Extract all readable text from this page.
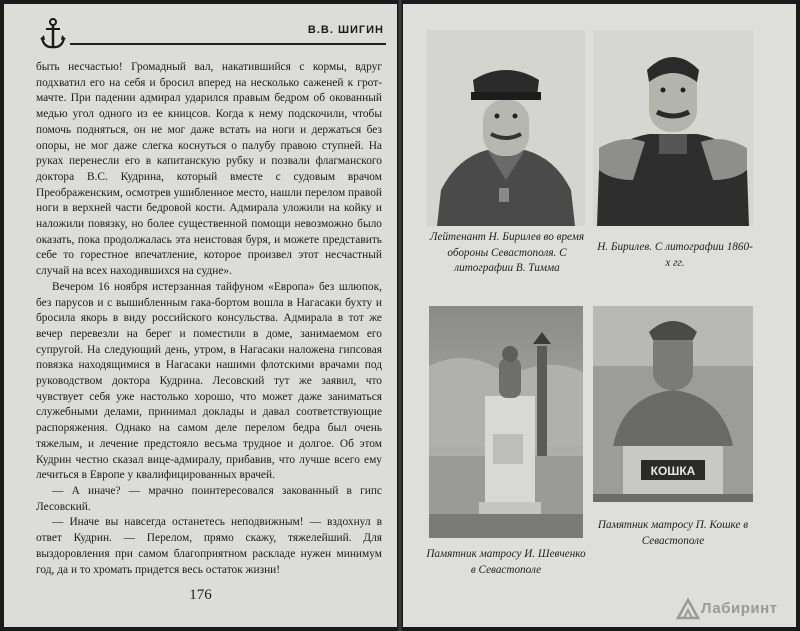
В.В. ШИГИН

быть несчастью! Громадный вал, накатившийся с кормы, вдруг подхватил его на себя и бросил вперед на несколько саженей к грот-мачте. При падении адмирал ударился правым бедром об окованный медью угол одного из ее кницсов. Когда к нему подскочили, чтобы помочь подняться, он не мог даже встать на ноги и держаться без опоры, не мог даже слегка коснуться о палубу правою ступней. На руках перенесли его в капитанскую рубку и позвали флагманского доктора В.С. Кудрина, который вместе с судовым врачом Преображенским, осмотрев ушибленное место, нашли перелом правой ноги в верхней части бедровой кости. Адмирала уложили на койку и наложили повязку, но более существенной помощи невозможно было оказать, пока продолжалась эта неистовая буря, и можете представить себе то горестное впечатление, которое произвел этот несчастный случай на всех находившихся на судне».

Вечером 16 ноября истерзанная тайфуном «Европа» без шлюпок, без парусов и с вышибленным гака-бортом вошла в Нагасаки бухту и бросила якорь в виду российского консульства. Адмирала в тот же вечер перевезли на берег и поместили в доме, занимаемом его супругой. На следующий день, утром, в Нагасаки наложена гипсовая повязка находящимися в Нагасаки нашими флотскими врачами под руководством доктора Кудрина. Лесовский тут же заявил, что чувствует себя уже настолько хорошо, что может даже заниматься служебными делами, принимал доклады и давал соответствующие распоряжения. Однако на самом деле перелом бедра был очень тяжелым, и лечение предстояло весьма трудное и долгое. Об этом Кудрин честно сказал вице-адмиралу, прибавив, что лучше всего ему лечиться в Европе у квалифицированных врачей.

— А иначе? — мрачно поинтересовался закованный в гипс Лесовский.

— Иначе вы навсегда останетесь неподвижным! — вздохнул в ответ Кудрин. — Перелом, прямо скажу, тяжелейший. Для выздоровления при самом благоприятном раскладе нужен минимум год, да и то хромать придется весь остаток жизни!

176
Лейтенант Н. Бирилев во время обороны Севастополя. С литографии В. Тимма
Н. Бирилев. С литографии 1860-х гг.
Памятник матросу И. Шевченко в Севастополе
КОШКА
Памятник матросу П. Кошке в Севастополе
Лабиринт
